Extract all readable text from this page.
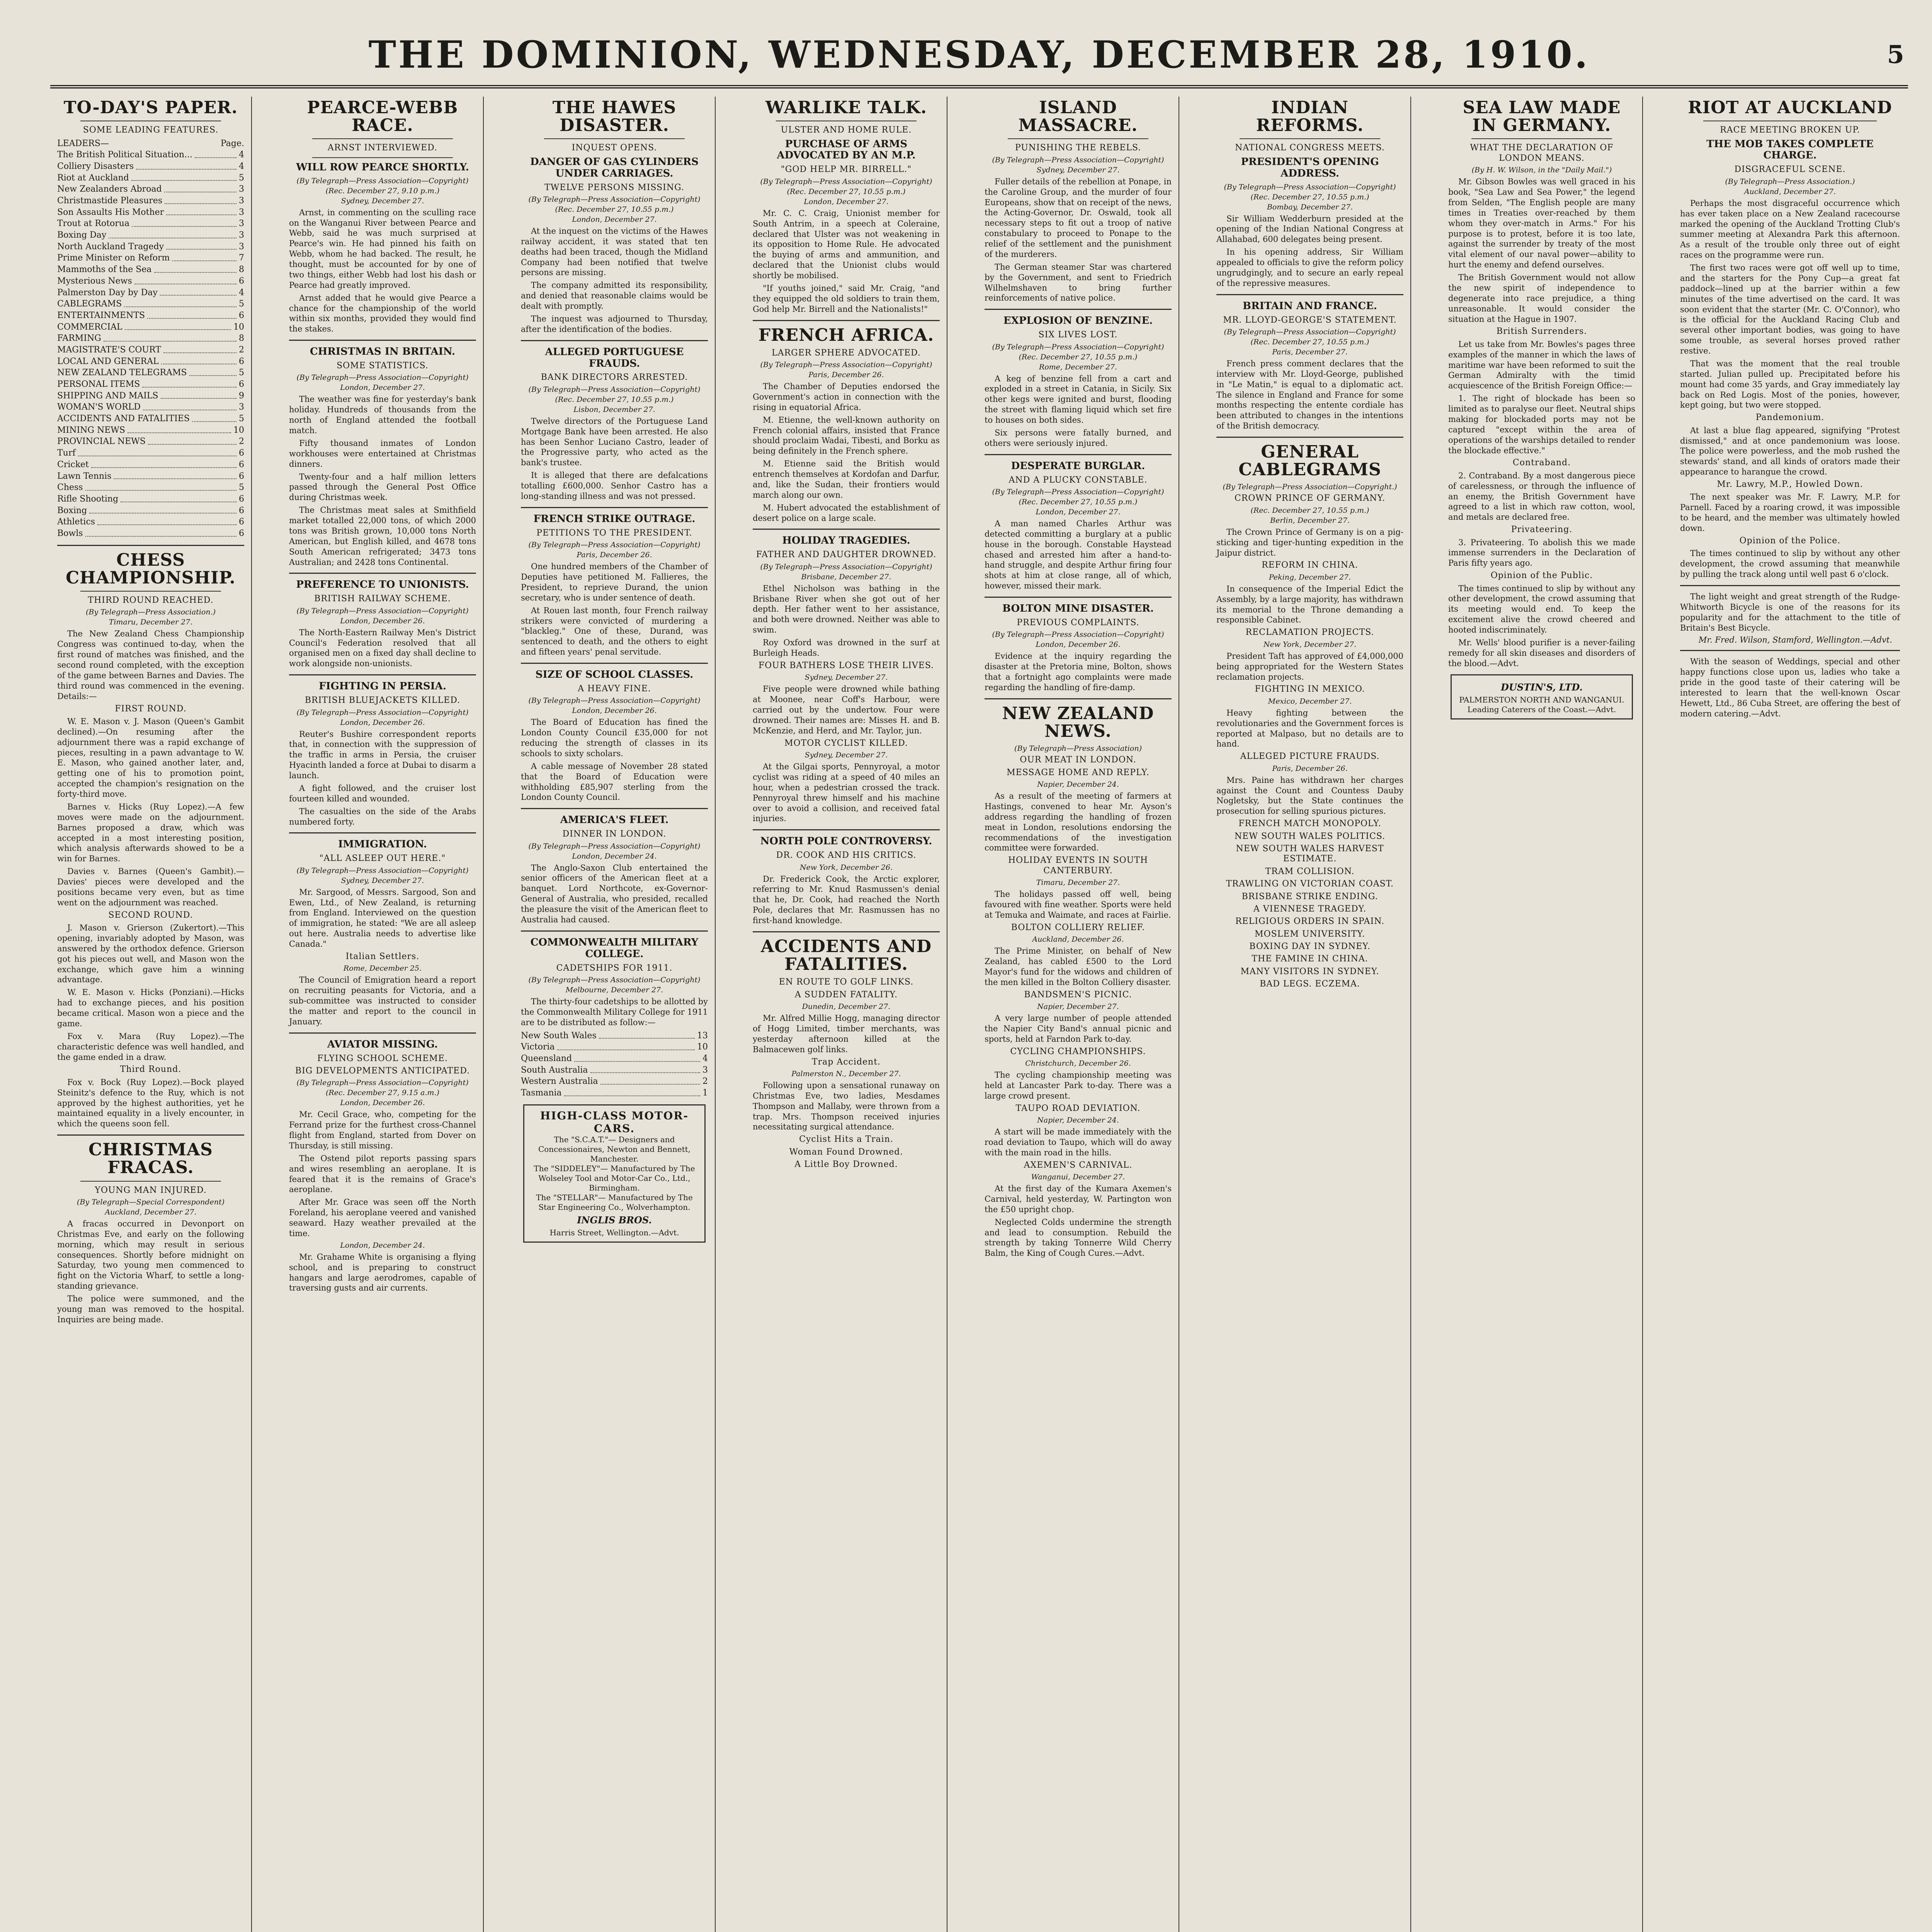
THE DOMINION, WEDNESDAY, DECEMBER 28, 1910.	5
TO-DAY'S PAPER.
SOME LEADING FEATURES.
LEADERS—	Page.
The British Political Situation...	4
Colliery Disasters	4
Riot at Auckland	5
New Zealanders Abroad	3
Christmastide Pleasures	3
Son Assaults His Mother	3
Trout at Rotorua	3
Boxing Day	3
North Auckland Tragedy	3
Prime Minister on Reform	7
Mammoths of the Sea	8
Mysterious News	6
Palmerston Day by Day	4
CABLEGRAMS	5
ENTERTAINMENTS	6
COMMERCIAL	10
FARMING	8
MAGISTRATE'S COURT	2
LOCAL AND GENERAL	6
NEW ZEALAND TELEGRAMS	5
PERSONAL ITEMS	6
SHIPPING AND MAILS	9
WOMAN'S WORLD	3
ACCIDENTS AND FATALITIES	5
MINING NEWS	10
PROVINCIAL NEWS	2
Turf	6
Cricket	6
Lawn Tennis	6
Chess	5
Rifle Shooting	6
Boxing	6
Athletics	6
Bowls	6
CHESS CHAMPIONSHIP.
THIRD ROUND REACHED.
(By Telegraph—Press Association.)
Timaru, December 27.

The New Zealand Chess Championship Congress was continued to-day, when the first round of matches was finished, and the second round completed, with the exception of the game between Barnes and Davies. The third round was commenced in the evening. Details:—

FIRST ROUND.

W. E. Mason v. J. Mason (Queen's Gambit declined).—On resuming after the adjournment there was a rapid exchange of pieces, resulting in a pawn advantage to W. E. Mason, who gained another later, and, getting one of his to promotion point, accepted the champion's resignation on the forty-third move.

Barnes v. Hicks (Ruy Lopez).—A few moves were made on the adjournment. Barnes proposed a draw, which was accepted in a most interesting position, which analysis afterwards showed to be a win for Barnes.

Davies v. Barnes (Queen's Gambit).—Davies' pieces were developed and the positions became very even, but as time went on the adjournment was reached.

SECOND ROUND.

J. Mason v. Grierson (Zukertort).—This opening, invariably adopted by Mason, was answered by the orthodox defence. Grierson got his pieces out well, and Mason won the exchange, which gave him a winning advantage.

W. E. Mason v. Hicks (Ponziani).—Hicks had to exchange pieces, and his position became critical. Mason won a piece and the game.

Fox v. Mara (Ruy Lopez).—The characteristic defence was well handled, and the game ended in a draw.

Third Round.

Fox v. Bock (Ruy Lopez).—Bock played Steinitz's defence to the Ruy, which is not approved by the highest authorities, yet he maintained equality in a lively encounter, in which the queens soon fell.

CHRISTMAS FRACAS.
YOUNG MAN INJURED.
(By Telegraph—Special Correspondent)
Auckland, December 27.

A fracas occurred in Devonport on Christmas Eve, and early on the following morning, which may result in serious consequences. Shortly before midnight on Saturday, two young men commenced to fight on the Victoria Wharf, to settle a long-standing grievance.

The police were summoned, and the young man was removed to the hospital. Inquiries are being made.

PEARCE-WEBB RACE.
ARNST INTERVIEWED.
WILL ROW PEARCE SHORTLY.
(By Telegraph—Press Association—Copyright)
(Rec. December 27, 9.10 p.m.)
Sydney, December 27.

Arnst, in commenting on the sculling race on the Wanganui River between Pearce and Webb, said he was much surprised at Pearce's win. He had pinned his faith on Webb, whom he had backed. The result, he thought, must be accounted for by one of two things, either Webb had lost his dash or Pearce had greatly improved.

Arnst added that he would give Pearce a chance for the championship of the world within six months, provided they would find the stakes.

CHRISTMAS IN BRITAIN.
SOME STATISTICS.
(By Telegraph—Press Association—Copyright)
London, December 27.

The weather was fine for yesterday's bank holiday. Hundreds of thousands from the north of England attended the football match.

Fifty thousand inmates of London workhouses were entertained at Christmas dinners.

Twenty-four and a half million letters passed through the General Post Office during Christmas week.

The Christmas meat sales at Smithfield market totalled 22,000 tons, of which 2000 tons was British grown, 10,000 tons North American, but English killed, and 4678 tons South American refrigerated; 3473 tons Australian; and 2428 tons Continental.

PREFERENCE TO UNIONISTS.
BRITISH RAILWAY SCHEME.
(By Telegraph—Press Association—Copyright)
London, December 26.

The North-Eastern Railway Men's District Council's Federation resolved that all organised men on a fixed day shall decline to work alongside non-unionists.

FIGHTING IN PERSIA.
BRITISH BLUEJACKETS KILLED.
(By Telegraph—Press Association—Copyright)
London, December 26.

Reuter's Bushire correspondent reports that, in connection with the suppression of the traffic in arms in Persia, the cruiser Hyacinth landed a force at Dubai to disarm a launch.

A fight followed, and the cruiser lost fourteen killed and wounded.

The casualties on the side of the Arabs numbered forty.

IMMIGRATION.
"ALL ASLEEP OUT HERE."
(By Telegraph—Press Association—Copyright)
Sydney, December 27.

Mr. Sargood, of Messrs. Sargood, Son and Ewen, Ltd., of New Zealand, is returning from England. Interviewed on the question of immigration, he stated: "We are all asleep out here. Australia needs to advertise like Canada."

Italian Settlers.
Rome, December 25.

The Council of Emigration heard a report on recruiting peasants for Victoria, and a sub-committee was instructed to consider the matter and report to the council in January.

AVIATOR MISSING.
FLYING SCHOOL SCHEME.
BIG DEVELOPMENTS ANTICIPATED.
(By Telegraph—Press Association—Copyright)
(Rec. December 27, 9.15 a.m.)
London, December 26.

Mr. Cecil Grace, who, competing for the Ferrand prize for the furthest cross-Channel flight from England, started from Dover on Thursday, is still missing.

The Ostend pilot reports passing spars and wires resembling an aeroplane. It is feared that it is the remains of Grace's aeroplane.

After Mr. Grace was seen off the North Foreland, his aeroplane veered and vanished seaward. Hazy weather prevailed at the time.

London, December 24.

Mr. Grahame White is organising a flying school, and is preparing to construct hangars and large aerodromes, capable of traversing gusts and air currents.

THE HAWES DISASTER.
INQUEST OPENS.
DANGER OF GAS CYLINDERS UNDER CARRIAGES.
TWELVE PERSONS MISSING.
(By Telegraph—Press Association—Copyright)
(Rec. December 27, 10.55 p.m.)
London, December 27.

At the inquest on the victims of the Hawes railway accident, it was stated that ten deaths had been traced, though the Midland Company had been notified that twelve persons are missing.

The company admitted its responsibility, and denied that reasonable claims would be dealt with promptly.

The inquest was adjourned to Thursday, after the identification of the bodies.

ALLEGED PORTUGUESE FRAUDS.
BANK DIRECTORS ARRESTED.
(By Telegraph—Press Association—Copyright)
(Rec. December 27, 10.55 p.m.)
Lisbon, December 27.

Twelve directors of the Portuguese Land Mortgage Bank have been arrested. He also has been Senhor Luciano Castro, leader of the Progressive party, who acted as the bank's trustee.

It is alleged that there are defalcations totalling £600,000. Senhor Castro has a long-standing illness and was not pressed.

FRENCH STRIKE OUTRAGE.
PETITIONS TO THE PRESIDENT.
(By Telegraph—Press Association—Copyright)
Paris, December 26.

One hundred members of the Chamber of Deputies have petitioned M. Fallieres, the President, to reprieve Durand, the union secretary, who is under sentence of death.

At Rouen last month, four French railway strikers were convicted of murdering a "blackleg." One of these, Durand, was sentenced to death, and the others to eight and fifteen years' penal servitude.

SIZE OF SCHOOL CLASSES.
A HEAVY FINE.
(By Telegraph—Press Association—Copyright)
London, December 26.

The Board of Education has fined the London County Council £35,000 for not reducing the strength of classes in its schools to sixty scholars.

A cable message of November 28 stated that the Board of Education were withholding £85,907 sterling from the London County Council.

AMERICA'S FLEET.
DINNER IN LONDON.
(By Telegraph—Press Association—Copyright)
London, December 24.

The Anglo-Saxon Club entertained the senior officers of the American fleet at a banquet. Lord Northcote, ex-Governor-General of Australia, who presided, recalled the pleasure the visit of the American fleet to Australia had caused.

COMMONWEALTH MILITARY COLLEGE.
CADETSHIPS FOR 1911.
(By Telegraph—Press Association—Copyright)
Melbourne, December 27.

The thirty-four cadetships to be allotted by the Commonwealth Military College for 1911 are to be distributed as follow:—

New South Wales	13
Victoria	10
Queensland	4
South Australia	3
Western Australia	2
Tasmania	1
HIGH-CLASS MOTOR-CARS.
The "S.C.A.T."— Designers and Concessionaires, Newton and Bennett, Manchester.
The "SIDDELEY"— Manufactured by The Wolseley Tool and Motor-Car Co., Ltd., Birmingham.
The "STELLAR"— Manufactured by The Star Engineering Co., Wolverhampton.
INGLIS BROS.
Harris Street, Wellington.—Advt.
WARLIKE TALK.
ULSTER AND HOME RULE.
PURCHASE OF ARMS ADVOCATED BY AN M.P.
"GOD HELP MR. BIRRELL."
(By Telegraph—Press Association—Copyright)
(Rec. December 27, 10.55 p.m.)
London, December 27.

Mr. C. C. Craig, Unionist member for South Antrim, in a speech at Coleraine, declared that Ulster was not weakening in its opposition to Home Rule. He advocated the buying of arms and ammunition, and declared that the Unionist clubs would shortly be mobilised.

"If youths joined," said Mr. Craig, "and they equipped the old soldiers to train them, God help Mr. Birrell and the Nationalists!"

FRENCH AFRICA.
LARGER SPHERE ADVOCATED.
(By Telegraph—Press Association—Copyright)
Paris, December 26.

The Chamber of Deputies endorsed the Government's action in connection with the rising in equatorial Africa.

M. Etienne, the well-known authority on French colonial affairs, insisted that France should proclaim Wadai, Tibesti, and Borku as being definitely in the French sphere.

M. Etienne said the British would entrench themselves at Kordofan and Darfur, and, like the Sudan, their frontiers would march along our own.

M. Hubert advocated the establishment of desert police on a large scale.

HOLIDAY TRAGEDIES.
FATHER AND DAUGHTER DROWNED.
(By Telegraph—Press Association—Copyright)
Brisbane, December 27.

Ethel Nicholson was bathing in the Brisbane River when she got out of her depth. Her father went to her assistance, and both were drowned. Neither was able to swim.

Roy Oxford was drowned in the surf at Burleigh Heads.

FOUR BATHERS LOSE THEIR LIVES.
Sydney, December 27.

Five people were drowned while bathing at Moonee, near Coff's Harbour, were carried out by the undertow. Four were drowned. Their names are: Misses H. and B. McKenzie, and Herd, and Mr. Taylor, jun.

MOTOR CYCLIST KILLED.
Sydney, December 27.

At the Gilgai sports, Pennyroyal, a motor cyclist was riding at a speed of 40 miles an hour, when a pedestrian crossed the track. Pennyroyal threw himself and his machine over to avoid a collision, and received fatal injuries.

NORTH POLE CONTROVERSY.
DR. COOK AND HIS CRITICS.
New York, December 26.

Dr. Frederick Cook, the Arctic explorer, referring to Mr. Knud Rasmussen's denial that he, Dr. Cook, had reached the North Pole, declares that Mr. Rasmussen has no first-hand knowledge.

ACCIDENTS AND FATALITIES.
EN ROUTE TO GOLF LINKS.
A SUDDEN FATALITY.
Dunedin, December 27.

Mr. Alfred Millie Hogg, managing director of Hogg Limited, timber merchants, was yesterday afternoon killed at the Balmacewen golf links.

Trap Accident.
Palmerston N., December 27.

Following upon a sensational runaway on Christmas Eve, two ladies, Mesdames Thompson and Mallaby, were thrown from a trap. Mrs. Thompson received injuries necessitating surgical attendance.

Cyclist Hits a Train.
Woman Found Drowned.
A Little Boy Drowned.
ISLAND MASSACRE.
PUNISHING THE REBELS.
(By Telegraph—Press Association—Copyright)
Sydney, December 27.

Fuller details of the rebellion at Ponape, in the Caroline Group, and the murder of four Europeans, show that on receipt of the news, the Acting-Governor, Dr. Oswald, took all necessary steps to fit out a troop of native constabulary to proceed to Ponape to the relief of the settlement and the punishment of the murderers.

The German steamer Star was chartered by the Government, and sent to Friedrich Wilhelmshaven to bring further reinforcements of native police.

EXPLOSION OF BENZINE.
SIX LIVES LOST.
(By Telegraph—Press Association—Copyright)
(Rec. December 27, 10.55 p.m.)
Rome, December 27.

A keg of benzine fell from a cart and exploded in a street in Catania, in Sicily. Six other kegs were ignited and burst, flooding the street with flaming liquid which set fire to houses on both sides.

Six persons were fatally burned, and others were seriously injured.

DESPERATE BURGLAR.
AND A PLUCKY CONSTABLE.
(By Telegraph—Press Association—Copyright)
(Rec. December 27, 10.55 p.m.)
London, December 27.

A man named Charles Arthur was detected committing a burglary at a public house in the borough. Constable Haystead chased and arrested him after a hand-to-hand struggle, and despite Arthur firing four shots at him at close range, all of which, however, missed their mark.

BOLTON MINE DISASTER.
PREVIOUS COMPLAINTS.
(By Telegraph—Press Association—Copyright)
London, December 26.

Evidence at the inquiry regarding the disaster at the Pretoria mine, Bolton, shows that a fortnight ago complaints were made regarding the handling of fire-damp.

NEW ZEALAND NEWS.
(By Telegraph—Press Association)
OUR MEAT IN LONDON.
MESSAGE HOME AND REPLY.
Napier, December 24.

As a result of the meeting of farmers at Hastings, convened to hear Mr. Ayson's address regarding the handling of frozen meat in London, resolutions endorsing the recommendations of the investigation committee were forwarded.

HOLIDAY EVENTS IN SOUTH CANTERBURY.
Timaru, December 27.

The holidays passed off well, being favoured with fine weather. Sports were held at Temuka and Waimate, and races at Fairlie.

BOLTON COLLIERY RELIEF.
Auckland, December 26.

The Prime Minister, on behalf of New Zealand, has cabled £500 to the Lord Mayor's fund for the widows and children of the men killed in the Bolton Colliery disaster.

BANDSMEN'S PICNIC.
Napier, December 27.

A very large number of people attended the Napier City Band's annual picnic and sports, held at Farndon Park to-day.

CYCLING CHAMPIONSHIPS.
Christchurch, December 26.

The cycling championship meeting was held at Lancaster Park to-day. There was a large crowd present.

TAUPO ROAD DEVIATION.
Napier, December 24.

A start will be made immediately with the road deviation to Taupo, which will do away with the main road in the hills.

AXEMEN'S CARNIVAL.
Wanganui, December 27.

At the first day of the Kumara Axemen's Carnival, held yesterday, W. Partington won the £50 upright chop.

Neglected Colds undermine the strength and lead to consumption. Rebuild the strength by taking Tonnerre Wild Cherry Balm, the King of Cough Cures.—Advt.

INDIAN REFORMS.
NATIONAL CONGRESS MEETS.
PRESIDENT'S OPENING ADDRESS.
(By Telegraph—Press Association—Copyright)
(Rec. December 27, 10.55 p.m.)
Bombay, December 27.

Sir William Wedderburn presided at the opening of the Indian National Congress at Allahabad, 600 delegates being present.

In his opening address, Sir William appealed to officials to give the reform policy ungrudgingly, and to secure an early repeal of the repressive measures.

BRITAIN AND FRANCE.
MR. LLOYD-GEORGE'S STATEMENT.
(By Telegraph—Press Association—Copyright)
(Rec. December 27, 10.55 p.m.)
Paris, December 27.

French press comment declares that the interview with Mr. Lloyd-George, published in "Le Matin," is equal to a diplomatic act. The silence in England and France for some months respecting the entente cordiale has been attributed to changes in the intentions of the British democracy.

GENERAL CABLEGRAMS
(By Telegraph—Press Association—Copyright.)
CROWN PRINCE OF GERMANY.
(Rec. December 27, 10.55 p.m.)
Berlin, December 27.

The Crown Prince of Germany is on a pig-sticking and tiger-hunting expedition in the Jaipur district.

REFORM IN CHINA.
Peking, December 27.

In consequence of the Imperial Edict the Assembly, by a large majority, has withdrawn its memorial to the Throne demanding a responsible Cabinet.

RECLAMATION PROJECTS.
New York, December 27.

President Taft has approved of £4,000,000 being appropriated for the Western States reclamation projects.

FIGHTING IN MEXICO.
Mexico, December 27.

Heavy fighting between the revolutionaries and the Government forces is reported at Malpaso, but no details are to hand.

ALLEGED PICTURE FRAUDS.
Paris, December 26.

Mrs. Paine has withdrawn her charges against the Count and Countess Dauby Nogletsky, but the State continues the prosecution for selling spurious pictures.

FRENCH MATCH MONOPOLY.
NEW SOUTH WALES POLITICS.
NEW SOUTH WALES HARVEST ESTIMATE.
TRAM COLLISION.
TRAWLING ON VICTORIAN COAST.
BRISBANE STRIKE ENDING.
A VIENNESE TRAGEDY.
RELIGIOUS ORDERS IN SPAIN.
MOSLEM UNIVERSITY.
BOXING DAY IN SYDNEY.
THE FAMINE IN CHINA.
MANY VISITORS IN SYDNEY.
BAD LEGS. ECZEMA.
SEA LAW MADE IN GERMANY.
WHAT THE DECLARATION OF LONDON MEANS.
(By H. W. Wilson, in the "Daily Mail.")

Mr. Gibson Bowles was well graced in his book, "Sea Law and Sea Power," the legend from Selden, "The English people are many times in Treaties over-reached by them whom they over-match in Arms." For his purpose is to protest, before it is too late, against the surrender by treaty of the most vital element of our naval power—ability to hurt the enemy and defend ourselves.

The British Government would not allow the new spirit of independence to degenerate into race prejudice, a thing unreasonable. It would consider the situation at the Hague in 1907.

British Surrenders.

Let us take from Mr. Bowles's pages three examples of the manner in which the laws of maritime war have been reformed to suit the German Admiralty with the timid acquiescence of the British Foreign Office:—

1. The right of blockade has been so limited as to paralyse our fleet. Neutral ships making for blockaded ports may not be captured "except within the area of operations of the warships detailed to render the blockade effective."

Contraband.

2. Contraband. By a most dangerous piece of carelessness, or through the influence of an enemy, the British Government have agreed to a list in which raw cotton, wool, and metals are declared free.

Privateering.

3. Privateering. To abolish this we made immense surrenders in the Declaration of Paris fifty years ago.

Opinion of the Public.

The times continued to slip by without any other development, the crowd assuming that its meeting would end. To keep the excitement alive the crowd cheered and hooted indiscriminately.

Mr. Wells' blood purifier is a never-failing remedy for all skin diseases and disorders of the blood.—Advt.

DUSTIN'S, LTD.
PALMERSTON NORTH AND WANGANUI.
Leading Caterers of the Coast.—Advt.
RIOT AT AUCKLAND
RACE MEETING BROKEN UP.
THE MOB TAKES COMPLETE CHARGE.
DISGRACEFUL SCENE.
(By Telegraph—Press Association.)
Auckland, December 27.

Perhaps the most disgraceful occurrence which has ever taken place on a New Zealand racecourse marked the opening of the Auckland Trotting Club's summer meeting at Alexandra Park this afternoon. As a result of the trouble only three out of eight races on the programme were run.

The first two races were got off well up to time, and the starters for the Pony Cup—a great fat paddock—lined up at the barrier within a few minutes of the time advertised on the card. It was soon evident that the starter (Mr. C. O'Connor), who is the official for the Auckland Racing Club and several other important bodies, was going to have some trouble, as several horses proved rather restive.

That was the moment that the real trouble started. Julian pulled up. Precipitated before his mount had come 35 yards, and Gray immediately lay back on Red Logis. Most of the ponies, however, kept going, but two were stopped.

Pandemonium.

At last a blue flag appeared, signifying "Protest dismissed," and at once pandemonium was loose. The police were powerless, and the mob rushed the stewards' stand, and all kinds of orators made their appearance to harangue the crowd.

Mr. Lawry, M.P., Howled Down.

The next speaker was Mr. F. Lawry, M.P. for Parnell. Faced by a roaring crowd, it was impossible to be heard, and the member was ultimately howled down.

Opinion of the Police.

The times continued to slip by without any other development, the crowd assuming that meanwhile by pulling the track along until well past 6 o'clock.

The light weight and great strength of the Rudge-Whitworth Bicycle is one of the reasons for its popularity and for the attachment to the title of Britain's Best Bicycle.

Mr. Fred. Wilson, Stamford, Wellington.—Advt.

With the season of Weddings, special and other happy functions close upon us, ladies who take a pride in the good taste of their catering will be interested to learn that the well-known Oscar Hewett, Ltd., 86 Cuba Street, are offering the best of modern catering.—Advt.
